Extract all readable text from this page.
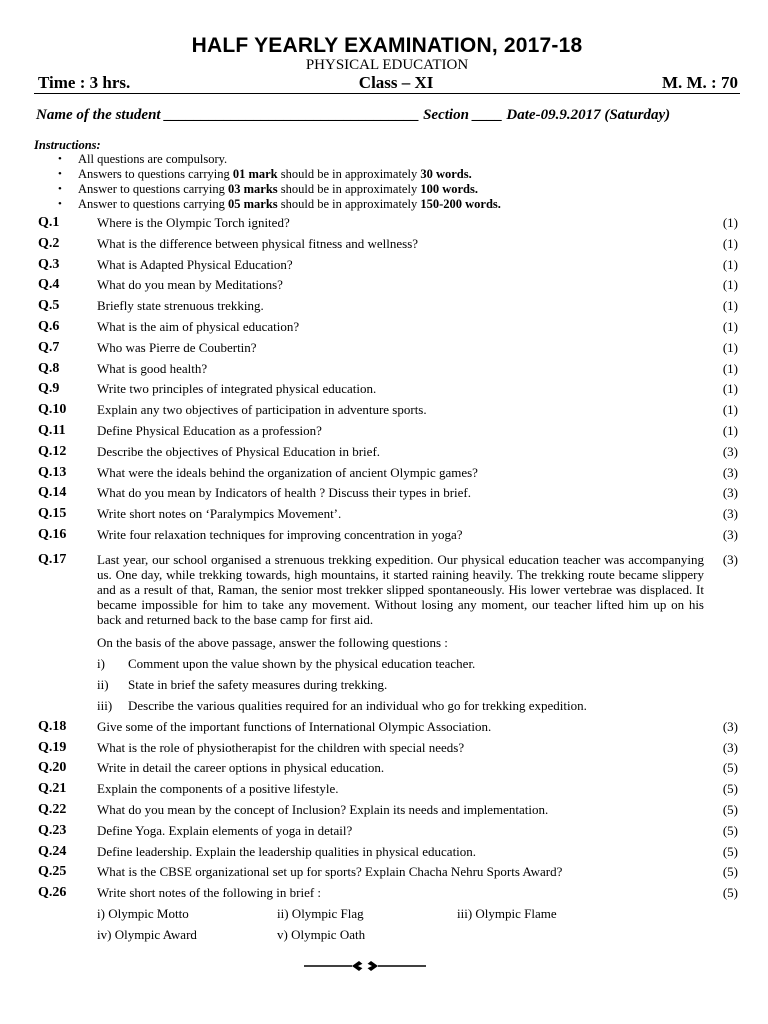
HALF YEARLY EXAMINATION, 2017-18
PHYSICAL EDUCATION
Time : 3 hrs.	Class – XI	M. M. : 70
Name of the student __________________________________ Section ____ Date-09.9.2017 (Saturday)
Instructions:
• All questions are compulsory.
• Answers to questions carrying 01 mark should be in approximately 30 words.
• Answer to questions carrying 03 marks should be in approximately 100 words.
• Answer to questions carrying 05 marks should be in approximately 150-200 words.
Q.1	Where is the Olympic Torch ignited?	(1)
Q.2	What is the difference between physical fitness and wellness?	(1)
Q.3	What is Adapted Physical Education?	(1)
Q.4	What do you mean by Meditations?	(1)
Q.5	Briefly state strenuous trekking.	(1)
Q.6	What is the aim of physical education?	(1)
Q.7	Who was Pierre de Coubertin?	(1)
Q.8	What is good health?	(1)
Q.9	Write two principles of integrated physical education.	(1)
Q.10	Explain any two objectives of participation in adventure sports.	(1)
Q.11	Define Physical Education as a profession?	(1)
Q.12	Describe the objectives of Physical Education in brief.	(3)
Q.13	What were the ideals behind the organization of ancient Olympic games?	(3)
Q.14	What do you mean by Indicators of health ? Discuss their types in brief.	(3)
Q.15	Write short notes on ‘Paralympics Movement’.	(3)
Q.16	Write four relaxation techniques for improving concentration in yoga?	(3)
Q.17	Last year, our school organised a strenuous trekking expedition. Our physical education teacher was accompanying us. One day, while trekking towards, high mountains, it started raining heavily. The trekking route became slippery and as a result of that, Raman, the senior most trekker slipped spontaneously. His lower vertebrae was displaced. It became impossible for him to take any movement. Without losing any moment, our teacher lifted him up on his back and returned back to the base camp for first aid.
(3)
On the basis of the above passage, answer the following questions :
i)	Comment upon the value shown by the physical education teacher.
ii)	State in brief the safety measures during trekking.
iii)	Describe the various qualities required for an individual who go for trekking expedition.
Q.18	Give some of the important functions of International Olympic Association.	(3)
Q.19	What is the role of physiotherapist for the children with special needs?	(3)
Q.20	Write in detail the career options in physical education.	(5)
Q.21	Explain the components of a positive lifestyle.	(5)
Q.22	What do you mean by the concept of Inclusion? Explain its needs and implementation.	(5)
Q.23	Define Yoga. Explain elements of yoga in detail?	(5)
Q.24	Define leadership. Explain the leadership qualities in physical education.	(5)
Q.25	What is the CBSE organizational set up for sports? Explain Chacha Nehru Sports Award?	(5)
Q.26	Write short notes of the following in brief :	(5)
i) Olympic Motto	ii) Olympic Flag	iii) Olympic Flame
iv) Olympic Award	v) Olympic Oath
